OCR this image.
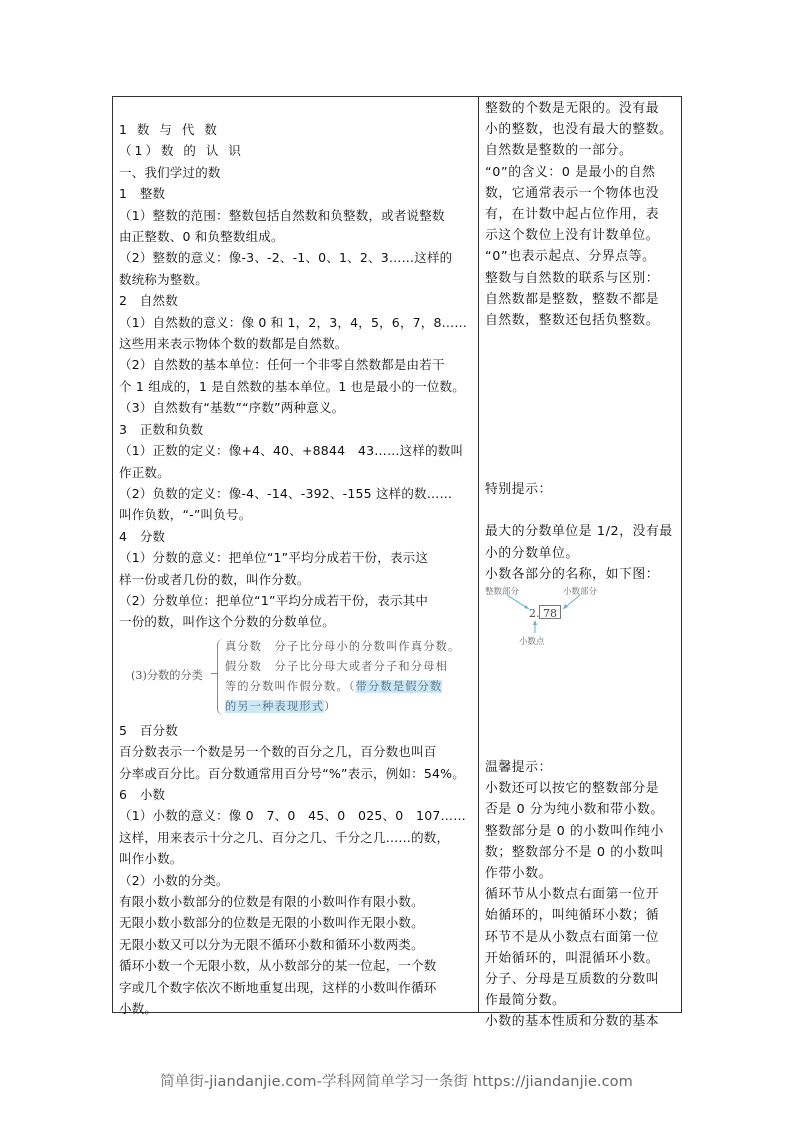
1 数 与 代 数
（1）数 的 认 识
一、我们学过的数
1　整数
（1）整数的范围：整数包括自然数和负整数，或者说整数
由正整数、0 和负整数组成。
（2）整数的意义：像-3、-2、-1、0、1、2、3……这样的
数统称为整数。
2　自然数
（1）自然数的意义：像 0 和 1，2，3，4，5，6，7，8……
这些用来表示物体个数的数都是自然数。
（2）自然数的基本单位：任何一个非零自然数都是由若干
个 1 组成的，1 是自然数的基本单位。1 也是最小的一位数。
（3）自然数有“基数”“序数”两种意义。
3　正数和负数
（1）正数的定义：像+4、40、+8844　43……这样的数叫
作正数。
（2）负数的定义：像-4、-14、-392、-155 这样的数……
叫作负数，“-”叫负号。
4　分数
（1）分数的意义：把单位“1”平均分成若干份，表示这
样一份或者几份的数，叫作分数。
（2）分数单位：把单位“1”平均分成若干份，表示其中
一份的数，叫作这个分数的分数单位。
(3)分数的分类
真分数　分子比分母小的分数叫作真分数。
假分数　分子比分母大或者分子和分母相
等的分数叫作假分数。（带分数是假分数
的另一种表现形式）
5　百分数
百分数表示一个数是另一个数的百分之几，百分数也叫百
分率或百分比。百分数通常用百分号“%”表示，例如：54%。
6　小数
（1）小数的意义：像 0　7、0　45、0　025、0　107……
这样，用来表示十分之几、百分之几、千分之几……的数，
叫作小数。
（2）小数的分类。
有限小数小数部分的位数是有限的小数叫作有限小数。
无限小数小数部分的位数是无限的小数叫作无限小数。
无限小数又可以分为无限不循环小数和循环小数两类。
循环小数一个无限小数，从小数部分的某一位起，一个数
字或几个数字依次不断地重复出现，这样的小数叫作循环
小数。
整数的个数是无限的。没有最
小的整数，也没有最大的整数。
自然数是整数的一部分。
“0”的含义：0 是最小的自然
数，它通常表示一个物体也没
有，在计数中起占位作用，表
示这个数位上没有计数单位。
“0”也表示起点、分界点等。
整数与自然数的联系与区别：
自然数都是整数，整数不都是
自然数，整数还包括负整数。
特别提示：
最大的分数单位是 1/2，没有最
小的分数单位。
小数各部分的名称，如下图：
整数部分	小数部分
2. 78
小数点
温馨提示：
小数还可以按它的整数部分是
否是 0 分为纯小数和带小数。
整数部分是 0 的小数叫作纯小
数；整数部分不是 0 的小数叫
作带小数。
循环节从小数点右面第一位开
始循环的，叫纯循环小数；循
环节不是从小数点右面第一位
开始循环的，叫混循环小数。
分子、分母是互质数的分数叫
作最简分数。
小数的基本性质和分数的基本
简单街-jiandanjie.com-学科网简单学习一条街 https://jiandanjie.com
